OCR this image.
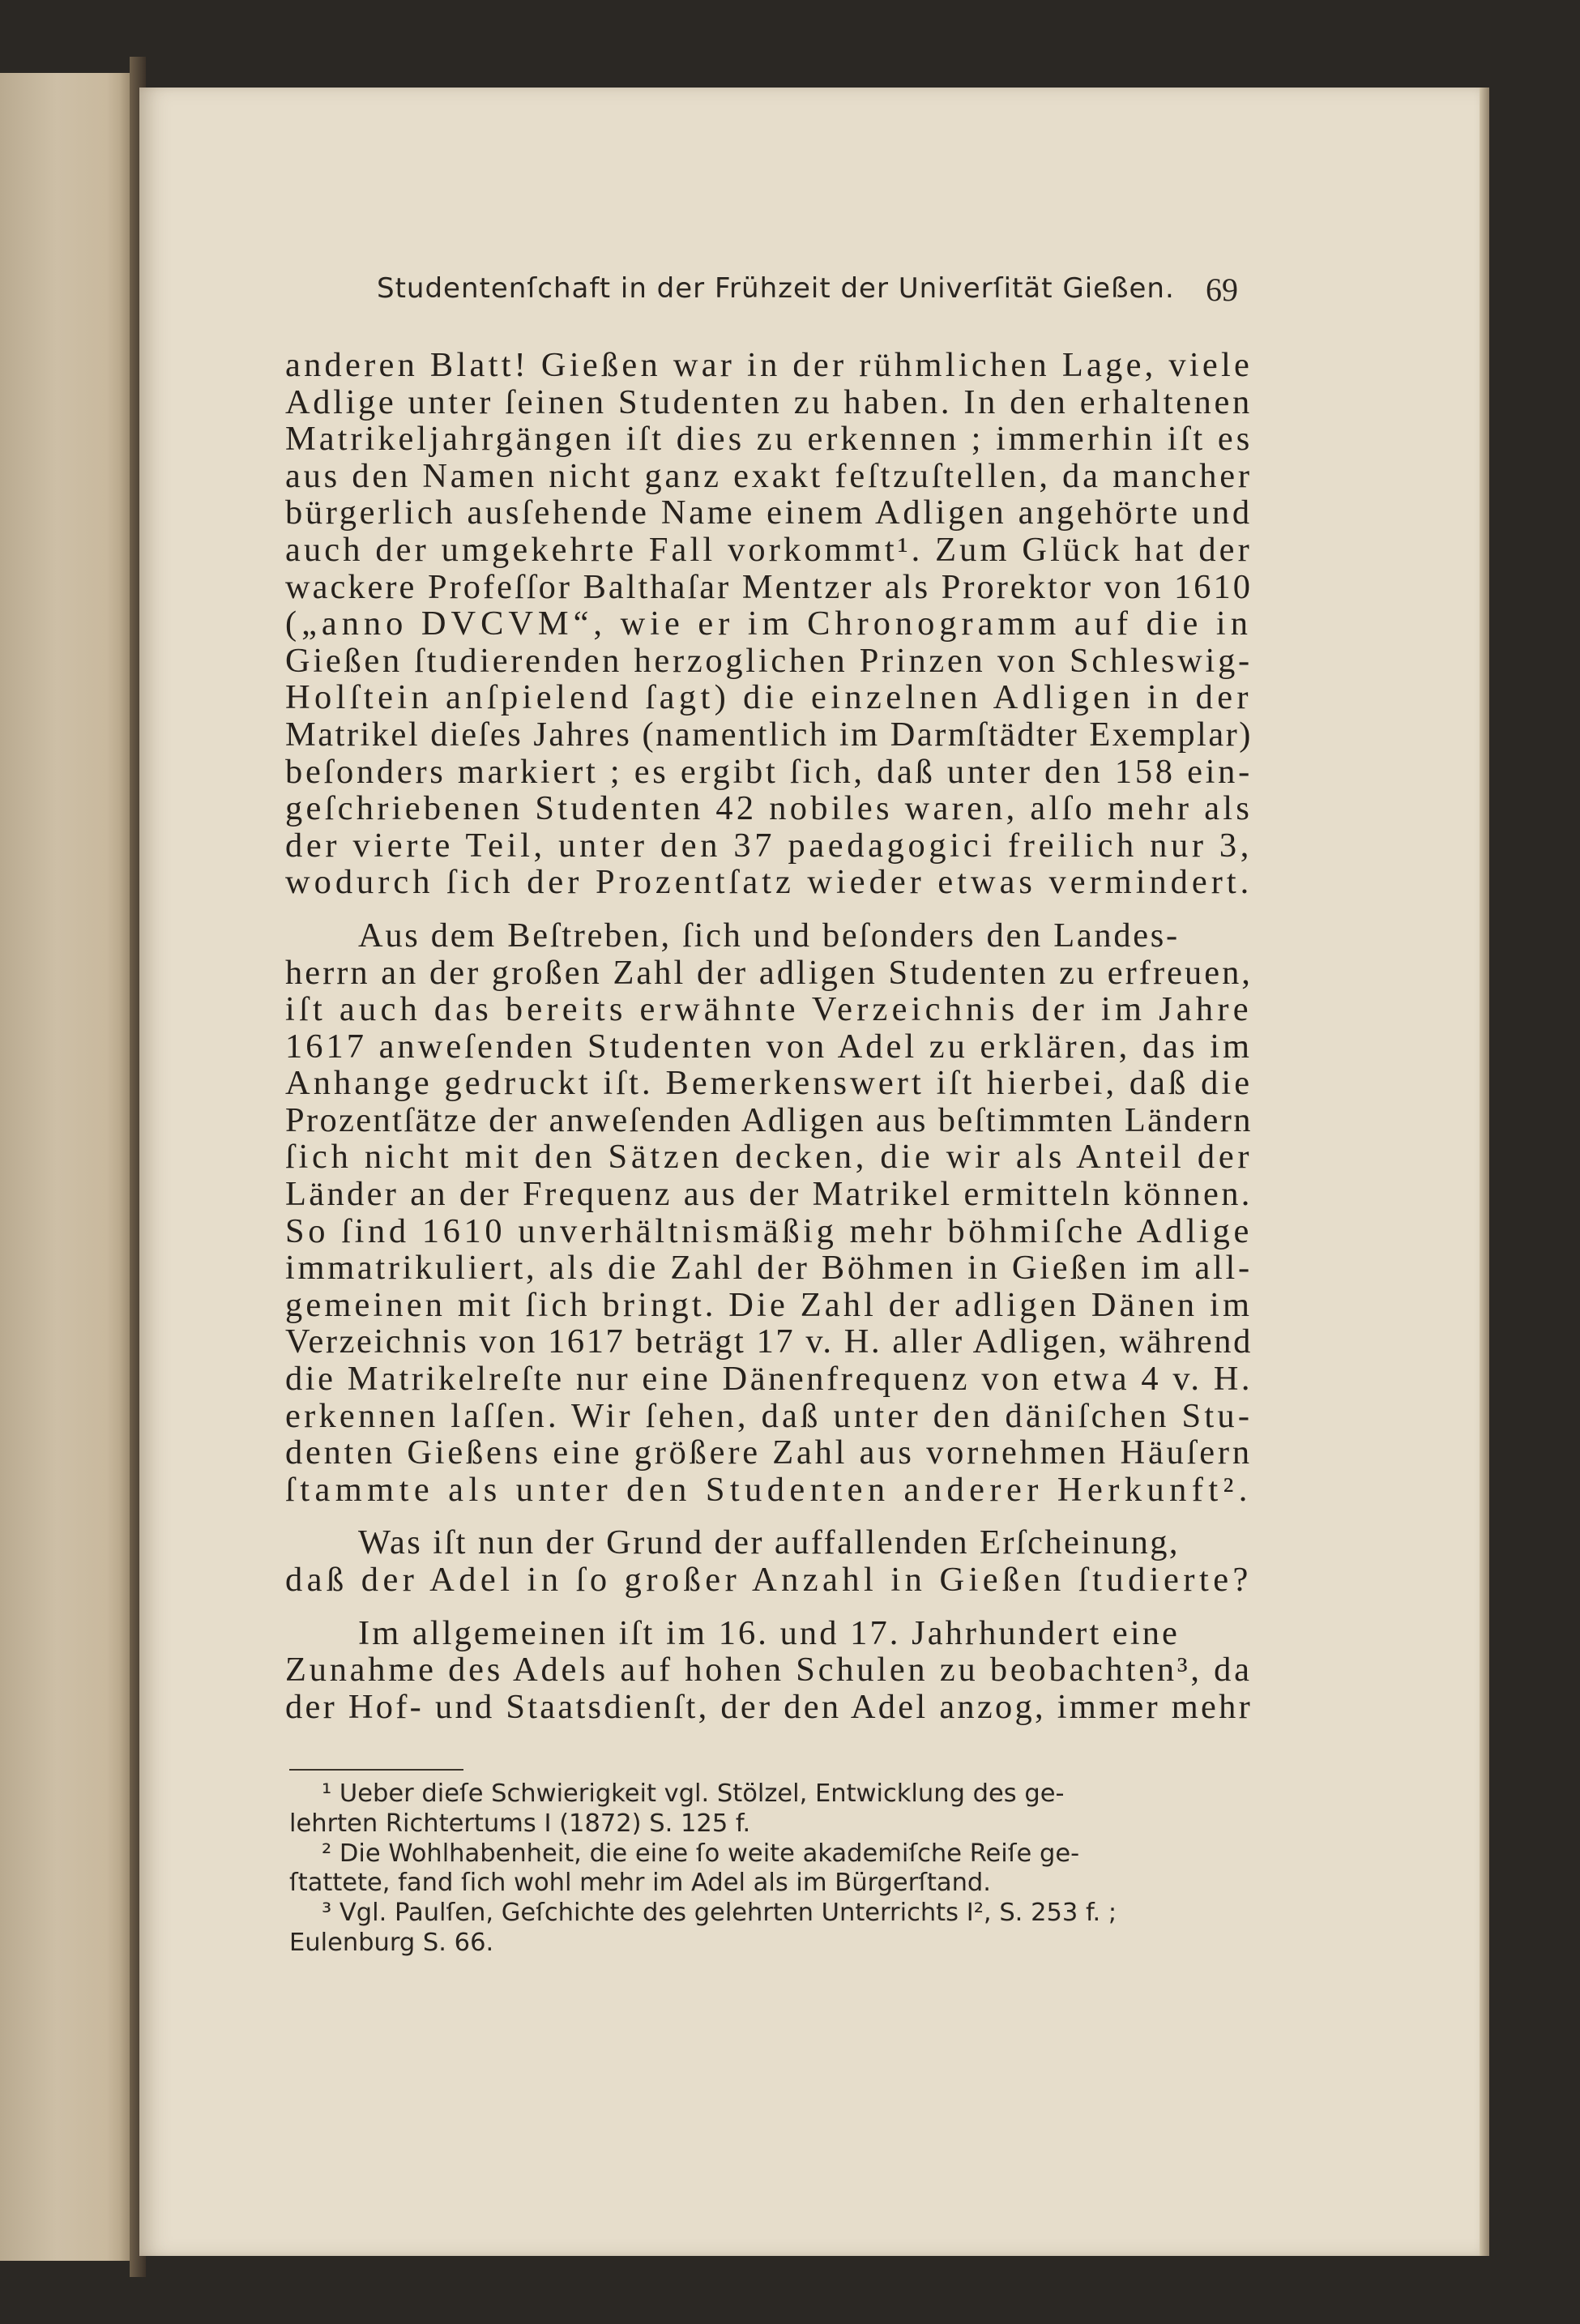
Studentenſchaft in der Frühzeit der Univerſität Gießen. 69
anderen Blatt! Gießen war in der rühmlichen Lage, viele
Adlige unter ſeinen Studenten zu haben. In den erhaltenen
Matrikeljahrgängen iſt dies zu erkennen ; immerhin iſt es
aus den Namen nicht ganz exakt feſtzuſtellen, da mancher
bürgerlich ausſehende Name einem Adligen angehörte und
auch der umgekehrte Fall vorkommt¹. Zum Glück hat der
wackere Profeſſor Balthaſar Mentzer als Prorektor von 1610
(„anno DVCVM“, wie er im Chronogramm auf die in
Gießen ſtudierenden herzoglichen Prinzen von Schleswig-
Holſtein anſpielend ſagt) die einzelnen Adligen in der
Matrikel dieſes Jahres (namentlich im Darmſtädter Exemplar)
beſonders markiert ; es ergibt ſich, daß unter den 158 ein-
geſchriebenen Studenten 42 nobiles waren, alſo mehr als
der vierte Teil, unter den 37 paedagogici freilich nur 3,
wodurch ſich der Prozentſatz wieder etwas vermindert.
Aus dem Beſtreben, ſich und beſonders den Landes-
herrn an der großen Zahl der adligen Studenten zu erfreuen,
iſt auch das bereits erwähnte Verzeichnis der im Jahre
1617 anweſenden Studenten von Adel zu erklären, das im
Anhange gedruckt iſt. Bemerkenswert iſt hierbei, daß die
Prozentſätze der anweſenden Adligen aus beſtimmten Ländern
ſich nicht mit den Sätzen decken, die wir als Anteil der
Länder an der Frequenz aus der Matrikel ermitteln können.
So ſind 1610 unverhältnismäßig mehr böhmiſche Adlige
immatrikuliert, als die Zahl der Böhmen in Gießen im all-
gemeinen mit ſich bringt. Die Zahl der adligen Dänen im
Verzeichnis von 1617 beträgt 17 v. H. aller Adligen, während
die Matrikelreſte nur eine Dänenfrequenz von etwa 4 v. H.
erkennen laſſen. Wir ſehen, daß unter den däniſchen Stu-
denten Gießens eine größere Zahl aus vornehmen Häuſern
ſtammte als unter den Studenten anderer Herkunft².
Was iſt nun der Grund der auffallenden Erſcheinung,
daß der Adel in ſo großer Anzahl in Gießen ſtudierte?
Im allgemeinen iſt im 16. und 17. Jahrhundert eine
Zunahme des Adels auf hohen Schulen zu beobachten³, da
der Hof- und Staatsdienſt, der den Adel anzog, immer mehr
¹ Ueber dieſe Schwierigkeit vgl. Stölzel, Entwicklung des ge-
lehrten Richtertums I (1872) S. 125 f.
² Die Wohlhabenheit, die eine ſo weite akademiſche Reiſe ge-
ſtattete, fand ſich wohl mehr im Adel als im Bürgerſtand.
³ Vgl. Paulſen, Geſchichte des gelehrten Unterrichts I², S. 253 f. ;
Eulenburg S. 66.
